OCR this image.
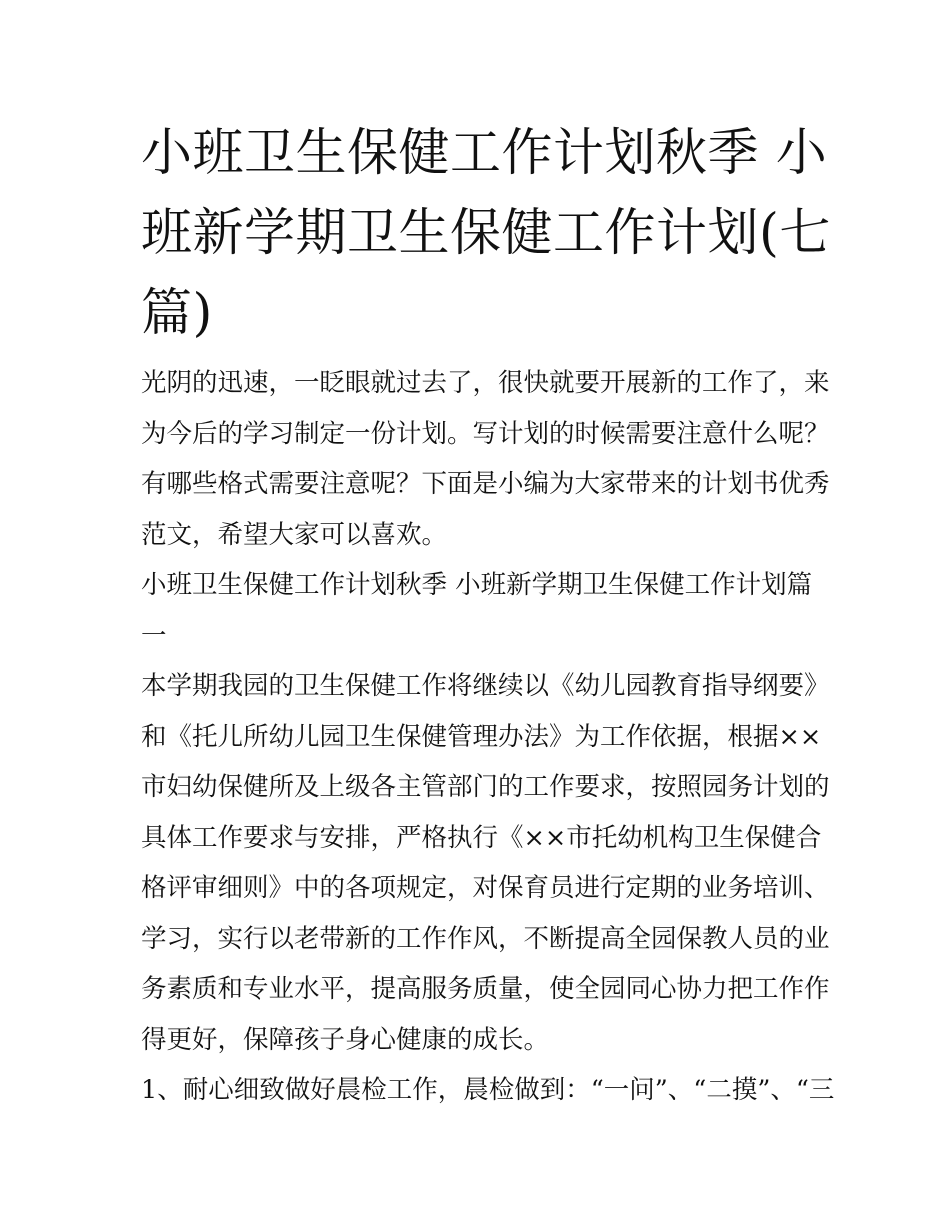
小班卫生保健工作计划秋季 小
班新学期卫生保健工作计划(七
篇)
光阴的迅速，一眨眼就过去了，很快就要开展新的工作了，来
为今后的学习制定一份计划。写计划的时候需要注意什么呢？
有哪些格式需要注意呢？下面是小编为大家带来的计划书优秀
范文，希望大家可以喜欢。
小班卫生保健工作计划秋季 小班新学期卫生保健工作计划篇
一
本学期我园的卫生保健工作将继续以《幼儿园教育指导纲要》
和《托儿所幼儿园卫生保健管理办法》为工作依据，根据××
市妇幼保健所及上级各主管部门的工作要求，按照园务计划的
具体工作要求与安排，严格执行《××市托幼机构卫生保健合
格评审细则》中的各项规定，对保育员进行定期的业务培训、
学习，实行以老带新的工作作风，不断提高全园保教人员的业
务素质和专业水平，提高服务质量，使全园同心协力把工作作
得更好，保障孩子身心健康的成长。
1、耐心细致做好晨检工作，晨检做到：“一问”、“二摸”、“三
